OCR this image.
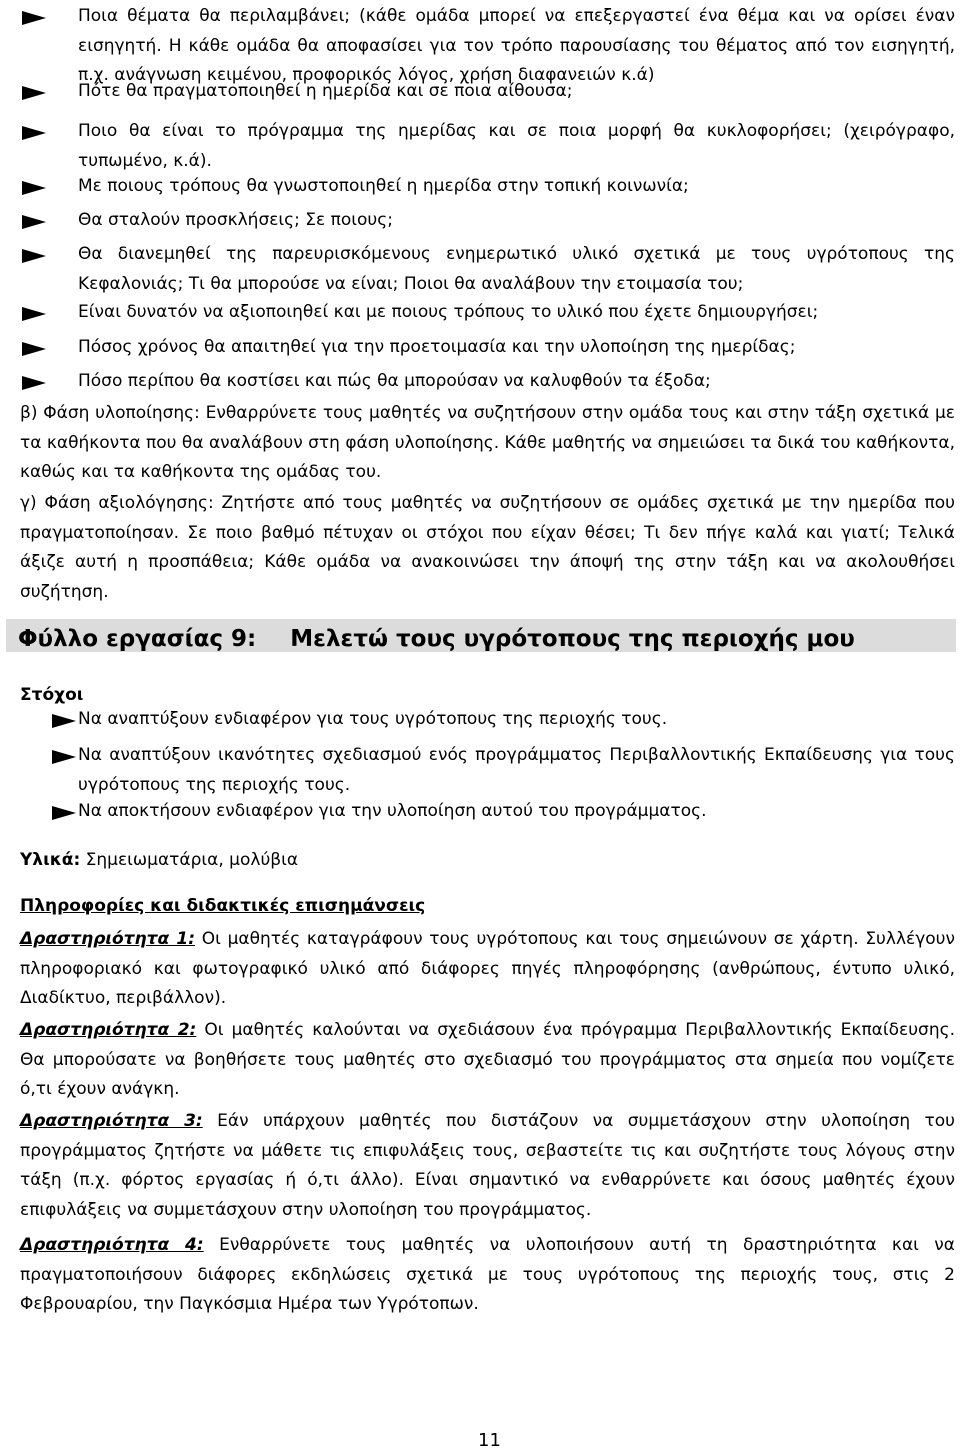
Ποια θέματα θα περιλαμβάνει; (κάθε ομάδα μπορεί να επεξεργαστεί ένα θέμα και να ορίσει έναν εισηγητή. Η κάθε ομάδα θα αποφασίσει για τον τρόπο παρουσίασης του θέματος από τον εισηγητή, π.χ. ανάγνωση κειμένου, προφορικός λόγος, χρήση διαφανειών κ.ά)
Πότε θα πραγματοποιηθεί η ημερίδα και σε ποια αίθουσα;
Ποιο θα είναι το πρόγραμμα της ημερίδας και σε ποια μορφή θα κυκλοφορήσει; (χειρόγραφο, τυπωμένο, κ.ά).
Με ποιους τρόπους θα γνωστοποιηθεί η ημερίδα στην τοπική κοινωνία;
Θα σταλούν προσκλήσεις; Σε ποιους;
Θα διανεμηθεί της παρευρισκόμενους ενημερωτικό υλικό σχετικά με τους υγρότοπους της Κεφαλονιάς; Τι θα μπορούσε να είναι; Ποιοι θα αναλάβουν την ετοιμασία του;
Είναι δυνατόν να αξιοποιηθεί και με ποιους τρόπους το υλικό που έχετε δημιουργήσει;
Πόσος χρόνος θα απαιτηθεί για την προετοιμασία και την υλοποίηση της ημερίδας;
Πόσο περίπου θα κοστίσει και πώς θα μπορούσαν να καλυφθούν τα έξοδα;
β) Φάση υλοποίησης: Ενθαρρύνετε τους μαθητές να συζητήσουν στην ομάδα τους και στην τάξη σχετικά με τα καθήκοντα που θα αναλάβουν στη φάση υλοποίησης. Κάθε μαθητής να σημειώσει τα δικά του καθήκοντα, καθώς και τα καθήκοντα της ομάδας του.
γ) Φάση αξιολόγησης: Ζητήστε από τους μαθητές να συζητήσουν σε ομάδες σχετικά με την ημερίδα που πραγματοποίησαν. Σε ποιο βαθμό πέτυχαν οι στόχοι που είχαν θέσει; Τι δεν πήγε καλά και γιατί; Τελικά άξιζε αυτή η προσπάθεια; Κάθε ομάδα να ανακοινώσει την άποψή της στην τάξη και να ακολουθήσει συζήτηση.
Φύλλο εργασίας 9: Μελετώ τους υγρότοπους της περιοχής μου
Στόχοι
Να αναπτύξουν ενδιαφέρον για τους υγρότοπους της περιοχής τους.
Να αναπτύξουν ικανότητες σχεδιασμού ενός προγράμματος Περιβαλλοντικής Εκπαίδευσης για τους υγρότοπους της περιοχής τους.
Να αποκτήσουν ενδιαφέρον για την υλοποίηση αυτού του προγράμματος.
Υλικά: Σημειωματάρια, μολύβια
Πληροφορίες και διδακτικές επισημάνσεις
Δραστηριότητα 1: Οι μαθητές καταγράφουν τους υγρότοπους και τους σημειώνουν σε χάρτη. Συλλέγουν πληροφοριακό και φωτογραφικό υλικό από διάφορες πηγές πληροφόρησης (ανθρώπους, έντυπο υλικό, Διαδίκτυο, περιβάλλον).
Δραστηριότητα 2: Οι μαθητές καλούνται να σχεδιάσουν ένα πρόγραμμα Περιβαλλοντικής Εκπαίδευσης. Θα μπορούσατε να βοηθήσετε τους μαθητές στο σχεδιασμό του προγράμματος στα σημεία που νομίζετε ό,τι έχουν ανάγκη.
Δραστηριότητα 3: Εάν υπάρχουν μαθητές που διστάζουν να συμμετάσχουν στην υλοποίηση του προγράμματος ζητήστε να μάθετε τις επιφυλάξεις τους, σεβαστείτε τις και συζητήστε τους λόγους στην τάξη (π.χ. φόρτος εργασίας ή ό,τι άλλο). Είναι σημαντικό να ενθαρρύνετε και όσους μαθητές έχουν επιφυλάξεις να συμμετάσχουν στην υλοποίηση του προγράμματος.
Δραστηριότητα 4: Ενθαρρύνετε τους μαθητές να υλοποιήσουν αυτή τη δραστηριότητα και να πραγματοποιήσουν διάφορες εκδηλώσεις σχετικά με τους υγρότοπους της περιοχής τους, στις 2 Φεβρουαρίου, την Παγκόσμια Ημέρα των Υγρότοπων.
11
